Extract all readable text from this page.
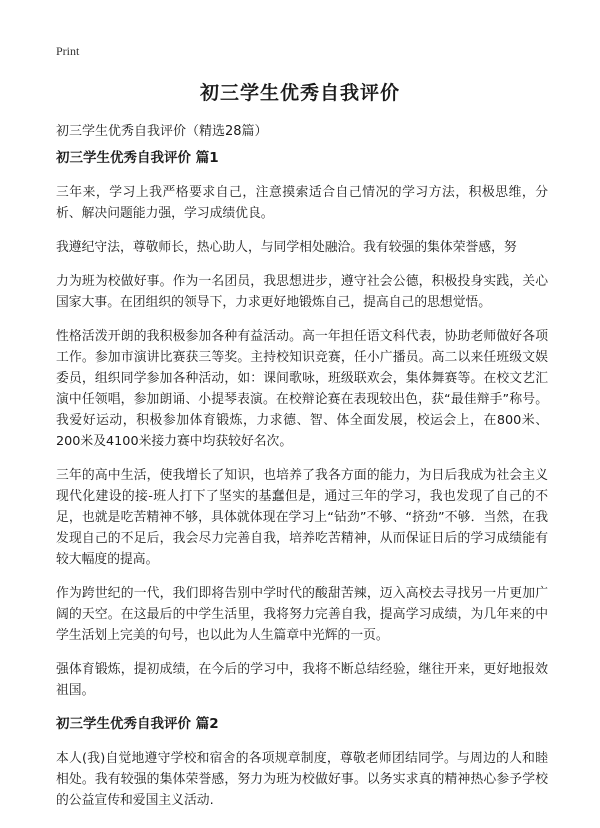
Print
初三学生优秀自我评价
初三学生优秀自我评价（精选28篇）
初三学生优秀自我评价 篇1

三年来，学习上我严格要求自己，注意摸索适合自己情况的学习方法，积极思维，分析、解决问题能力强，学习成绩优良。

我遵纪守法，尊敬师长，热心助人，与同学相处融洽。我有较强的集体荣誉感，努

力为班为校做好事。作为一名团员，我思想进步，遵守社会公德，积极投身实践，关心国家大事。在团组织的领导下，力求更好地锻炼自己，提高自己的思想觉悟。

性格活泼开朗的我积极参加各种有益活动。高一年担任语文科代表，协助老师做好各项工作。参加市演讲比赛获三等奖。主持校知识竞赛，任小广播员。高二以来任班级文娱委员，组织同学参加各种活动，如：课间歌咏，班级联欢会，集体舞赛等。在校文艺汇演中任领唱，参加朗诵、小提琴表演。在校辩论赛在表现较出色，获“最佳辩手”称号。我爱好运动，积极参加体育锻炼，力求德、智、体全面发展，校运会上，在800米、200米及4100米接力赛中均获较好名次。

三年的高中生活，使我增长了知识，也培养了我各方面的能力，为日后我成为社会主义现代化建设的接-班人打下了坚实的基蠢但是，通过三年的学习，我也发现了自己的不足，也就是吃苦精神不够，具体就体现在学习上“钻劲”不够、“挤劲”不够．当然，在我发现自己的不足后，我会尽力完善自我，培养吃苦精神，从而保证日后的学习成绩能有较大幅度的提高。

作为跨世纪的一代，我们即将告别中学时代的酸甜苦辣，迈入高校去寻找另一片更加广阔的天空。在这最后的中学生活里，我将努力完善自我，提高学习成绩，为几年来的中学生活划上完美的句号，也以此为人生篇章中光辉的一页。

强体育锻炼，提初成绩，在今后的学习中，我将不断总结经验，继往开来，更好地报效祖国。

初三学生优秀自我评价 篇2

本人(我)自觉地遵守学校和宿舍的各项规章制度，尊敬老师团结同学。与周边的人和睦相处。我有较强的集体荣誉感，努力为班为校做好事。以务实求真的精神热心参予学校的公益宣传和爱国主义活动.
